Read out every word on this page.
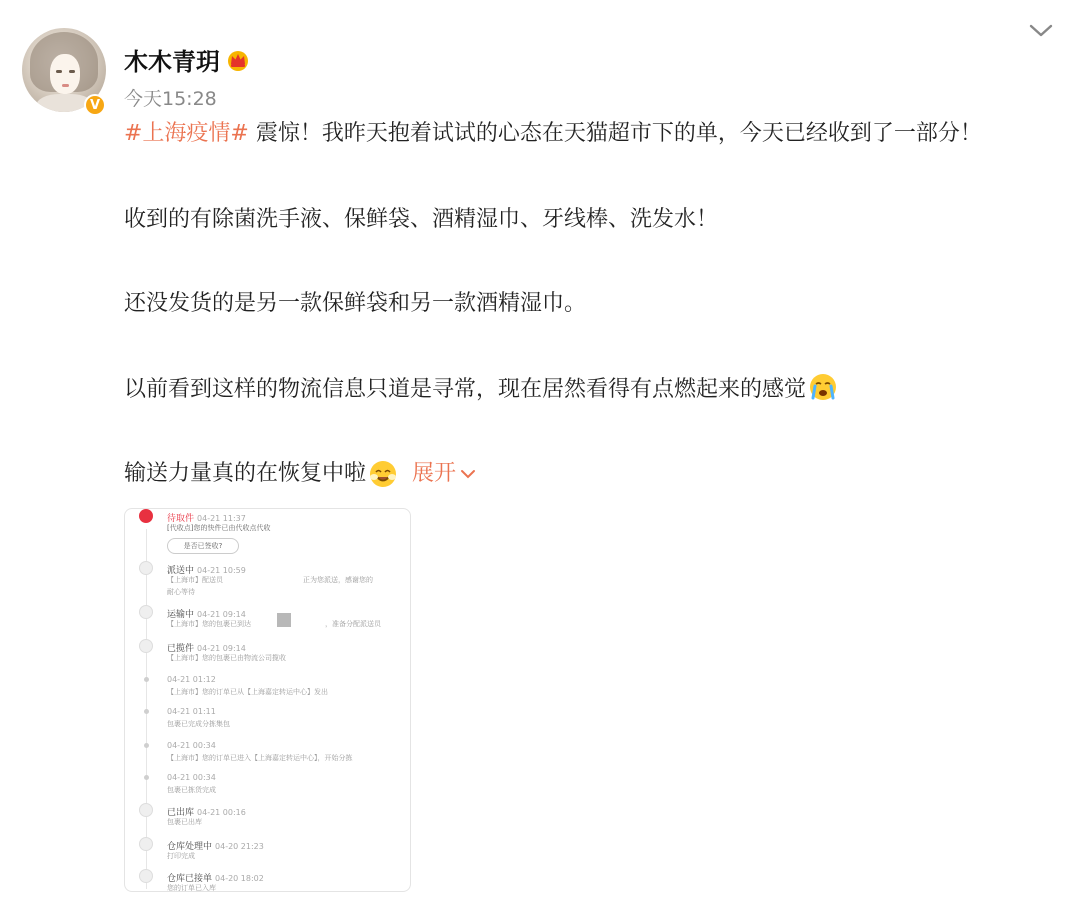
V
木木青玥
今天15:28

#上海疫情# 震惊！我昨天抱着试试的心态在天猫超市下的单，今天已经收到了一部分！

收到的有除菌洗手液、保鲜袋、酒精湿巾、牙线棒、洗发水！

还没发货的是另一款保鲜袋和另一款酒精湿巾。

以前看到这样的物流信息只道是寻常，现在居然看得有点燃起来的感觉

输送力量真的在恢复中啦 展开

待取件 04-21 11:37
[代收点]您的快件已由代收点代收
是否已签收?
派送中 04-21 10:59
【上海市】配送员	正为您派送，感谢您的
耐心等待
运输中 04-21 09:14
【上海市】您的包裹已到达	，准备分配派送员
已揽件 04-21 09:14
【上海市】您的包裹已由物流公司揽收
04-21 01:12
【上海市】您的订单已从【上海嘉定转运中心】发出
04-21 01:11
包裹已完成分拣集包
04-21 00:34
【上海市】您的订单已进入【上海嘉定转运中心】，开始分拣
04-21 00:34
包裹已拣货完成
已出库 04-21 00:16
包裹已出库
仓库处理中 04-20 21:23
打印完成
仓库已接单 04-20 18:02
您的订单已入库
